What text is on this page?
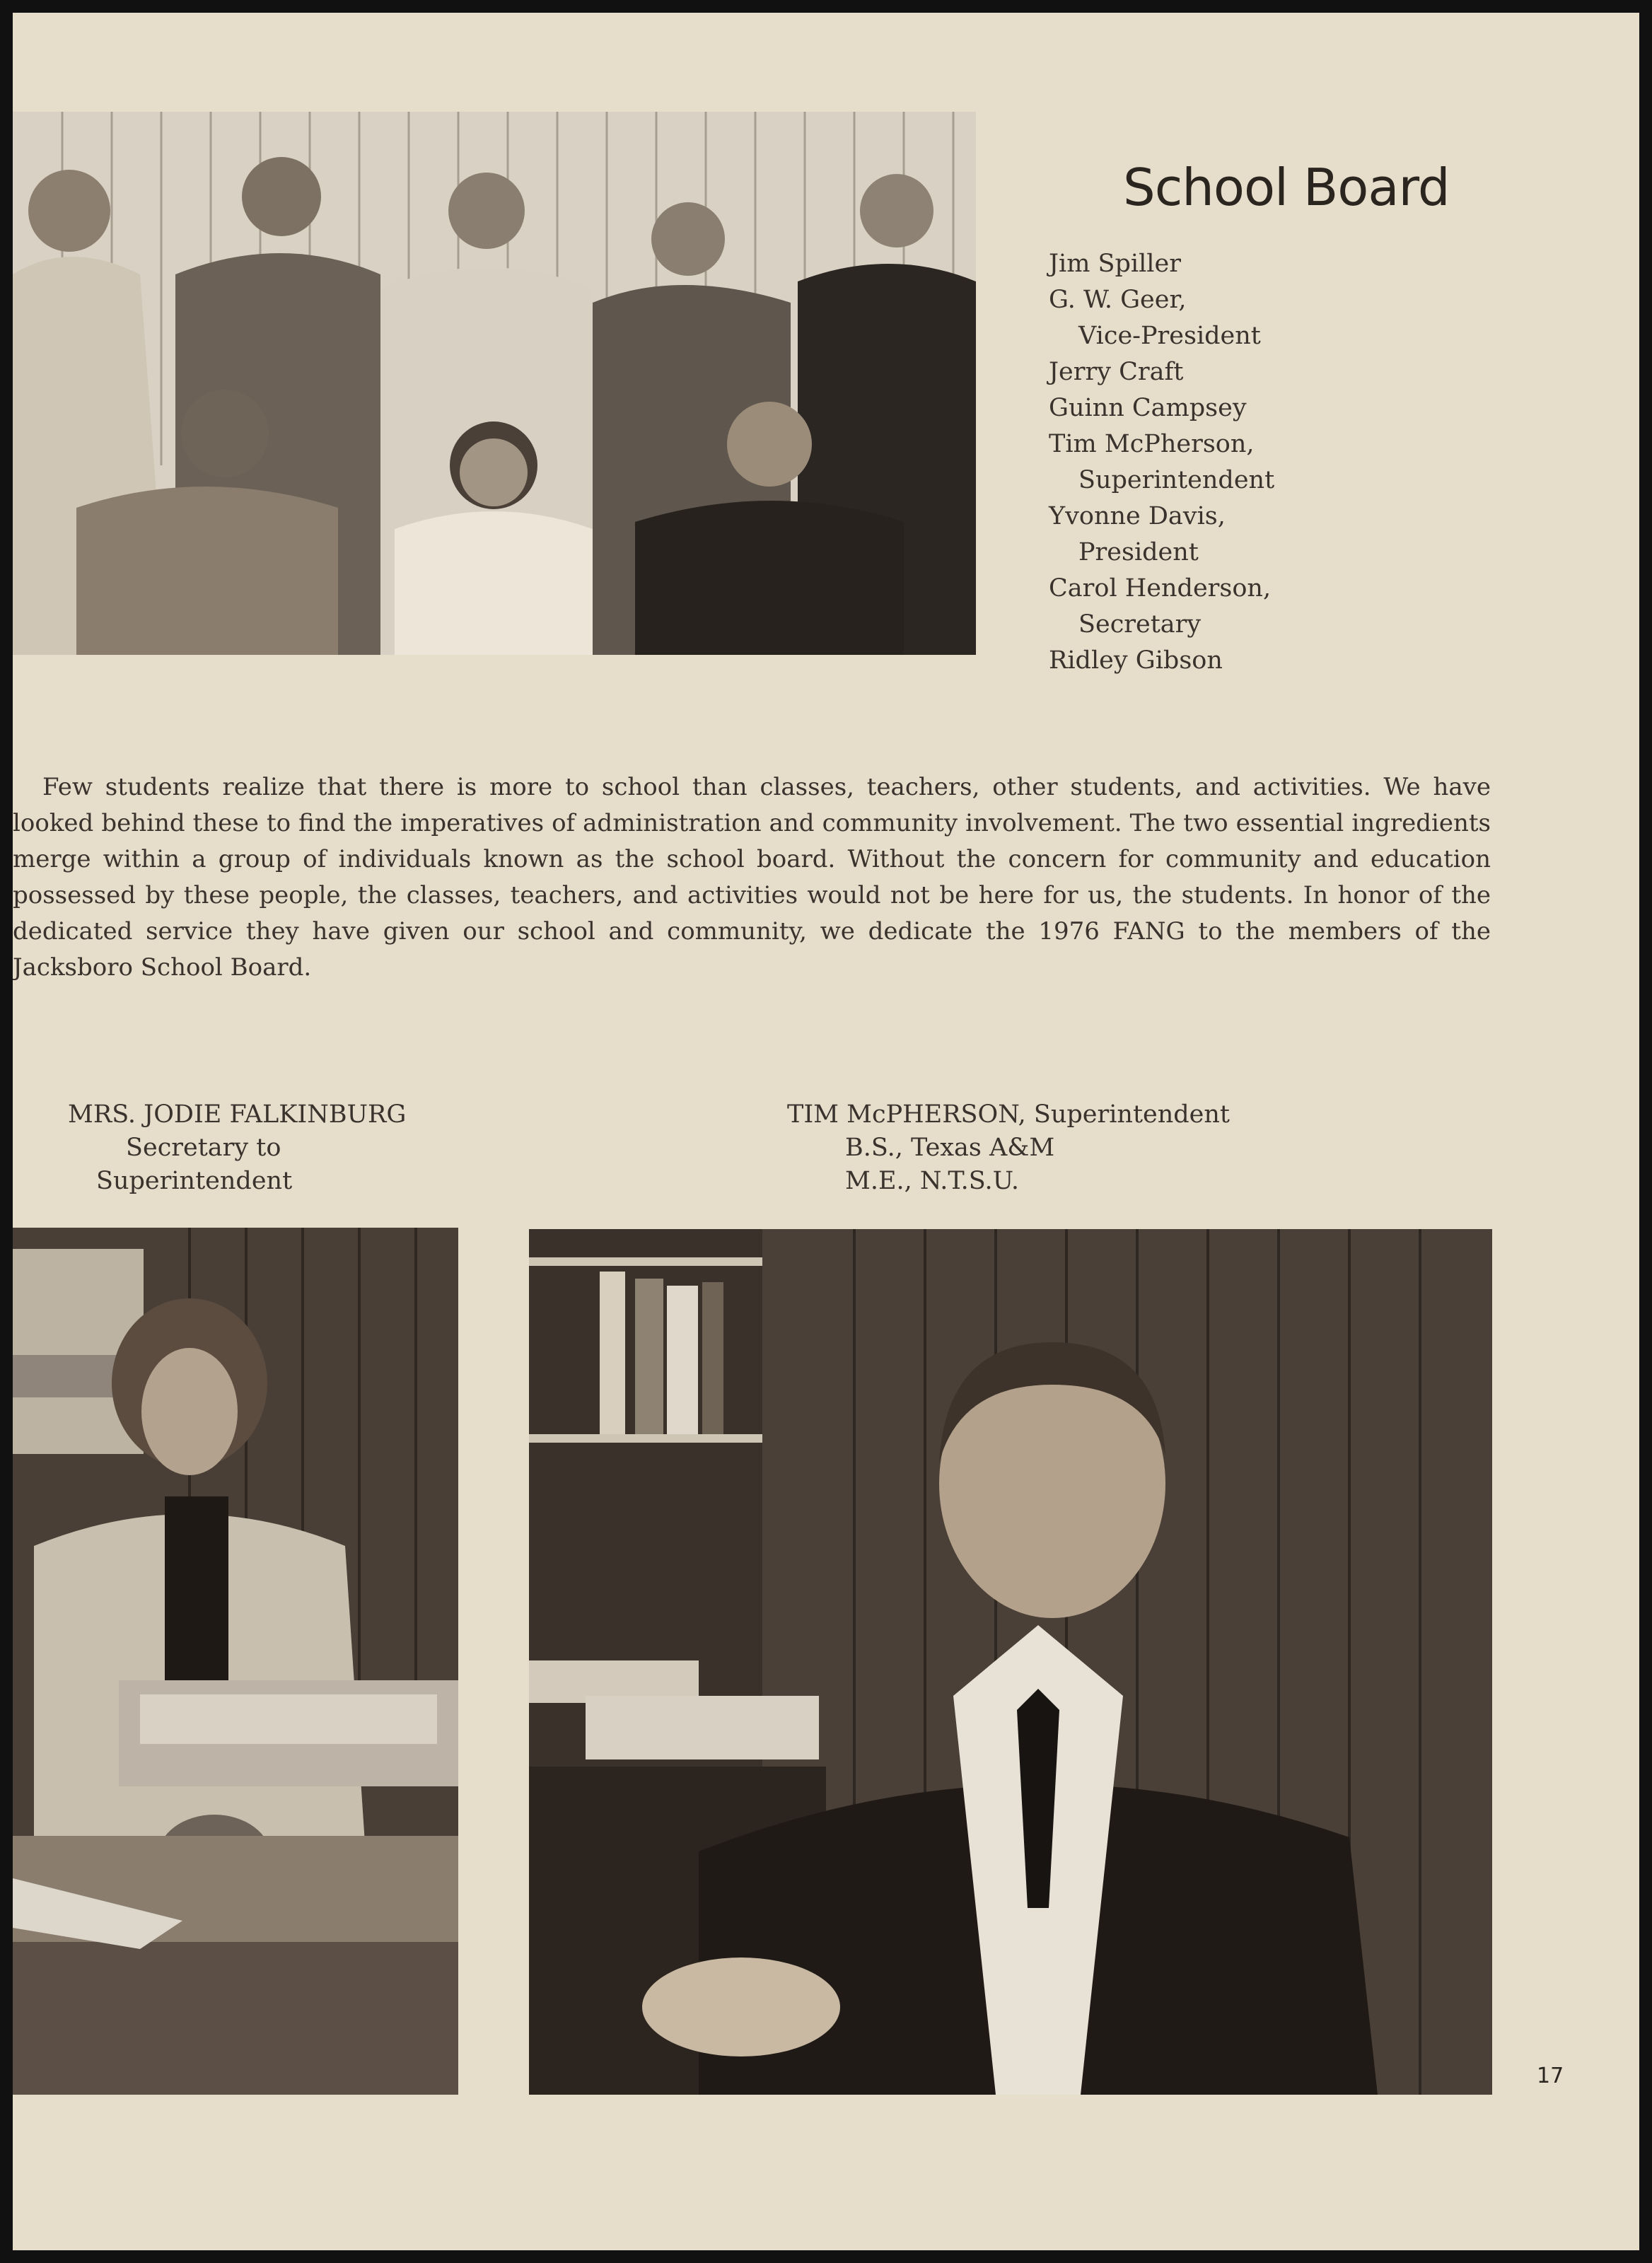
School Board
Jim Spiller
G. W. Geer,
Vice-President
Jerry Craft
Guinn Campsey
Tim McPherson,
Superintendent
Yvonne Davis,
President
Carol Henderson,
Secretary
Ridley Gibson

Few students realize that there is more to school than classes, teachers, other students, and activities. We have looked behind these to find the imperatives of administration and community involvement. The two essential ingredients merge within a group of individuals known as the school board. Without the concern for community and education possessed by these people, the classes, teachers, and activities would not be here for us, the students. In honor of the dedicated service they have given our school and community, we dedicate the 1976 FANG to the members of the Jacksboro School Board.

MRS. JODIE FALKINBURG
Secretary to
Superintendent
TIM McPHERSON, Superintendent
B.S., Texas A&M
M.E., N.T.S.U.
17
